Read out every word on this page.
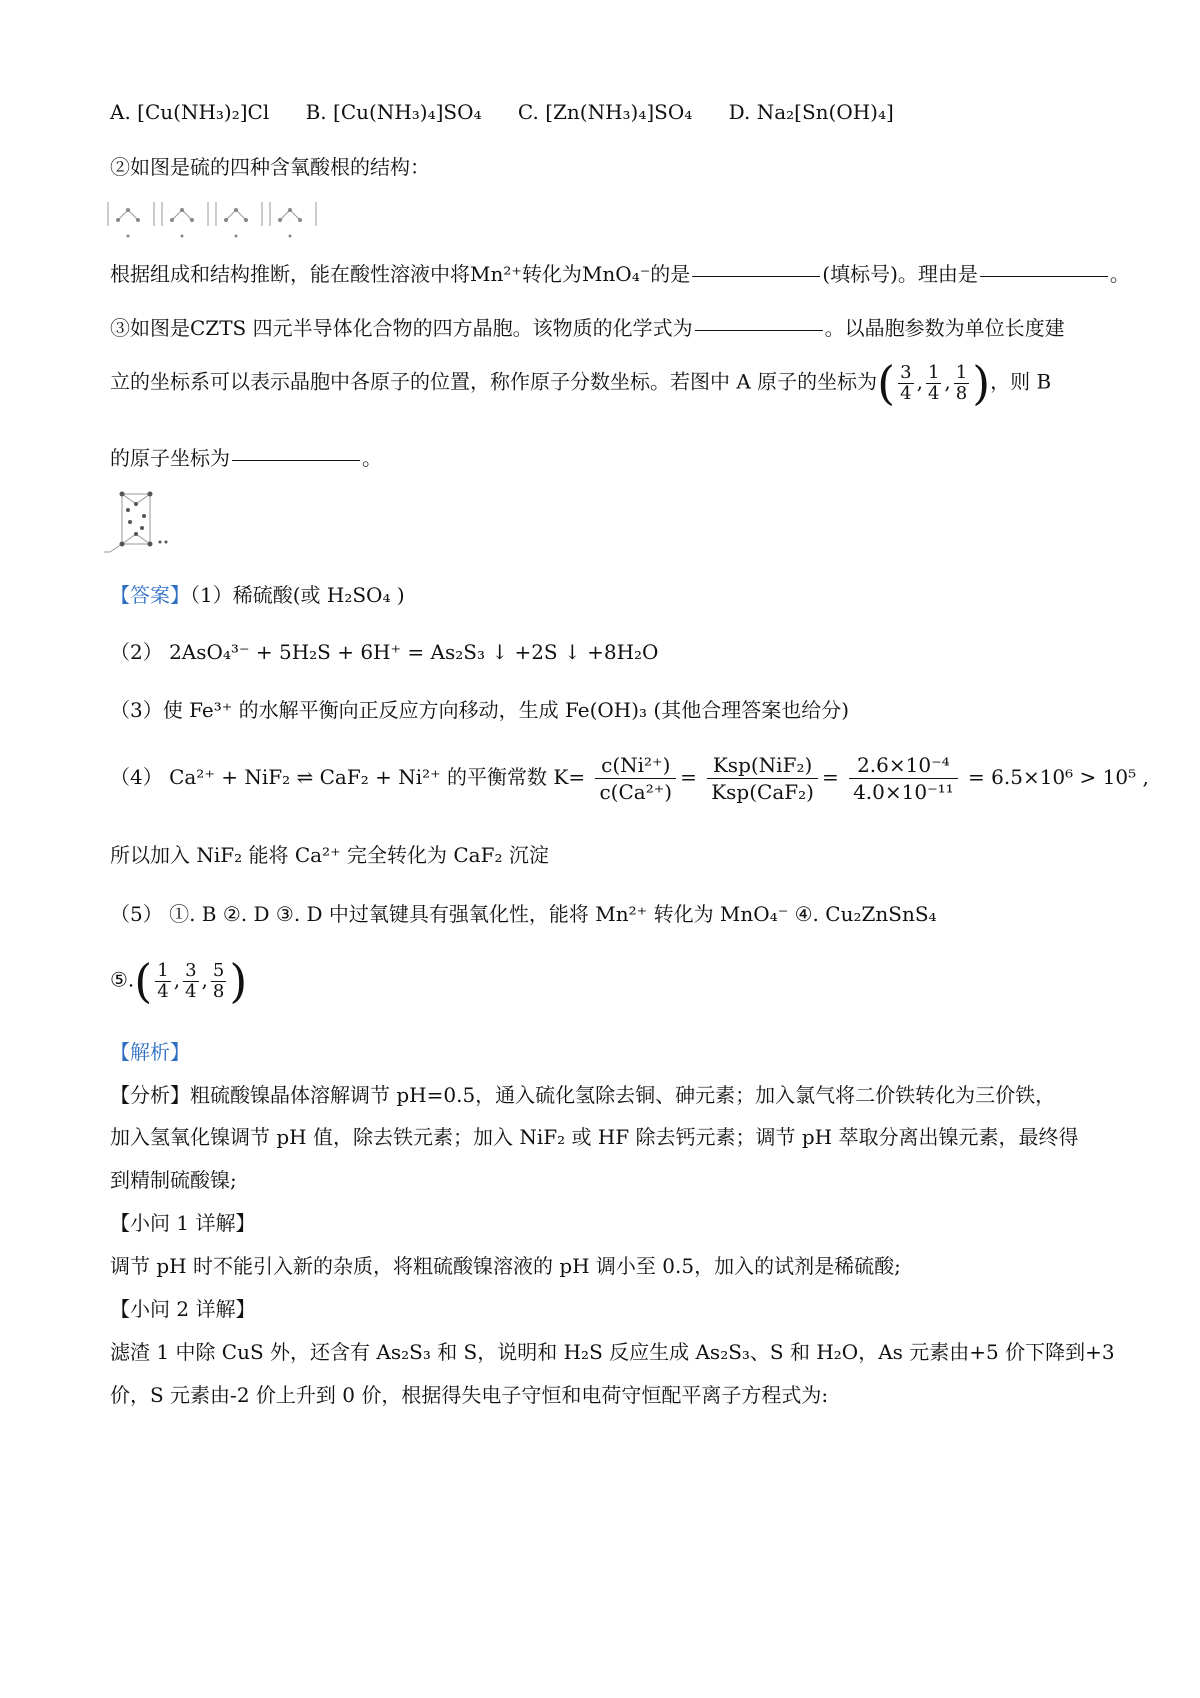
A. [Cu(NH₃)₂]Cl B. [Cu(NH₃)₄]SO₄ C. [Zn(NH₃)₄]SO₄ D. Na₂[Sn(OH)₄]
②如图是硫的四种含氧酸根的结构：
根据组成和结构推断，能在酸性溶液中将Mn²⁺转化为MnO₄⁻的是	(填标号)。理由是	。
③如图是CZTS 四元半导体化合物的四方晶胞。该物质的化学式为	。以晶胞参数为单位长度建
立的坐标系可以表示晶胞中各原子的位置，称作原子分数坐标。若图中 A 原子的坐标为( $\frac{3}{4}$ , $\frac{1}{4}$ , $\frac{1}{8}$ )，则 B
的原子坐标为	。
【答案】（1）稀硫酸(或 H₂SO₄ )
（2） 2AsO₄³⁻ + 5H₂S + 6H⁺ = As₂S₃ ↓ +2S ↓ +8H₂O
（3）使 Fe³⁺ 的水解平衡向正反应方向移动，生成 Fe(OH)₃ (其他合理答案也给分)
（4） Ca²⁺ + NiF₂ ⇌ CaF₂ + Ni²⁺ 的平衡常数 $K= \frac{\text{c(Ni²⁺)}}{\text{c(Ca²⁺)}} = Ksp(NiF_2)$
Ksp(CaF₂)
= $\frac{\text{2.6×10⁻⁴}}{\text{4.0×10⁻¹¹}} = 6.5\times 10^6 > 10^5$ ,
所以加入 NiF₂ 能将 Ca²⁺ 完全转化为 CaF₂ 沉淀
（5） ①. B ②. D ③. D 中过氧键具有强氧化性，能将 Mn²⁺ 转化为 MnO₄⁻ ④. Cu₂ZnSnS₄
⑤.( $\frac{1}{4}$ , $\frac{3}{4}$ , $\frac{5}{8}$ )
【解析】
【分析】粗硫酸镍晶体溶解调节 pH=0.5，通入硫化氢除去铜、砷元素；加入氯气将二价铁转化为三价铁，
加入氢氧化镍调节 pH 值，除去铁元素；加入 NiF₂ 或 HF 除去钙元素；调节 pH 萃取分离出镍元素，最终得
到精制硫酸镍;
【小问 1 详解】
调节 pH 时不能引入新的杂质，将粗硫酸镍溶液的 pH 调小至 0.5，加入的试剂是稀硫酸;
【小问 2 详解】
滤渣 1 中除 CuS 外，还含有 As₂S₃ 和 S，说明和 H₂S 反应生成 As₂S₃、S 和 H₂O，As 元素由+5 价下降到+3
价，S 元素由-2 价上升到 0 价，根据得失电子守恒和电荷守恒配平离子方程式为:
